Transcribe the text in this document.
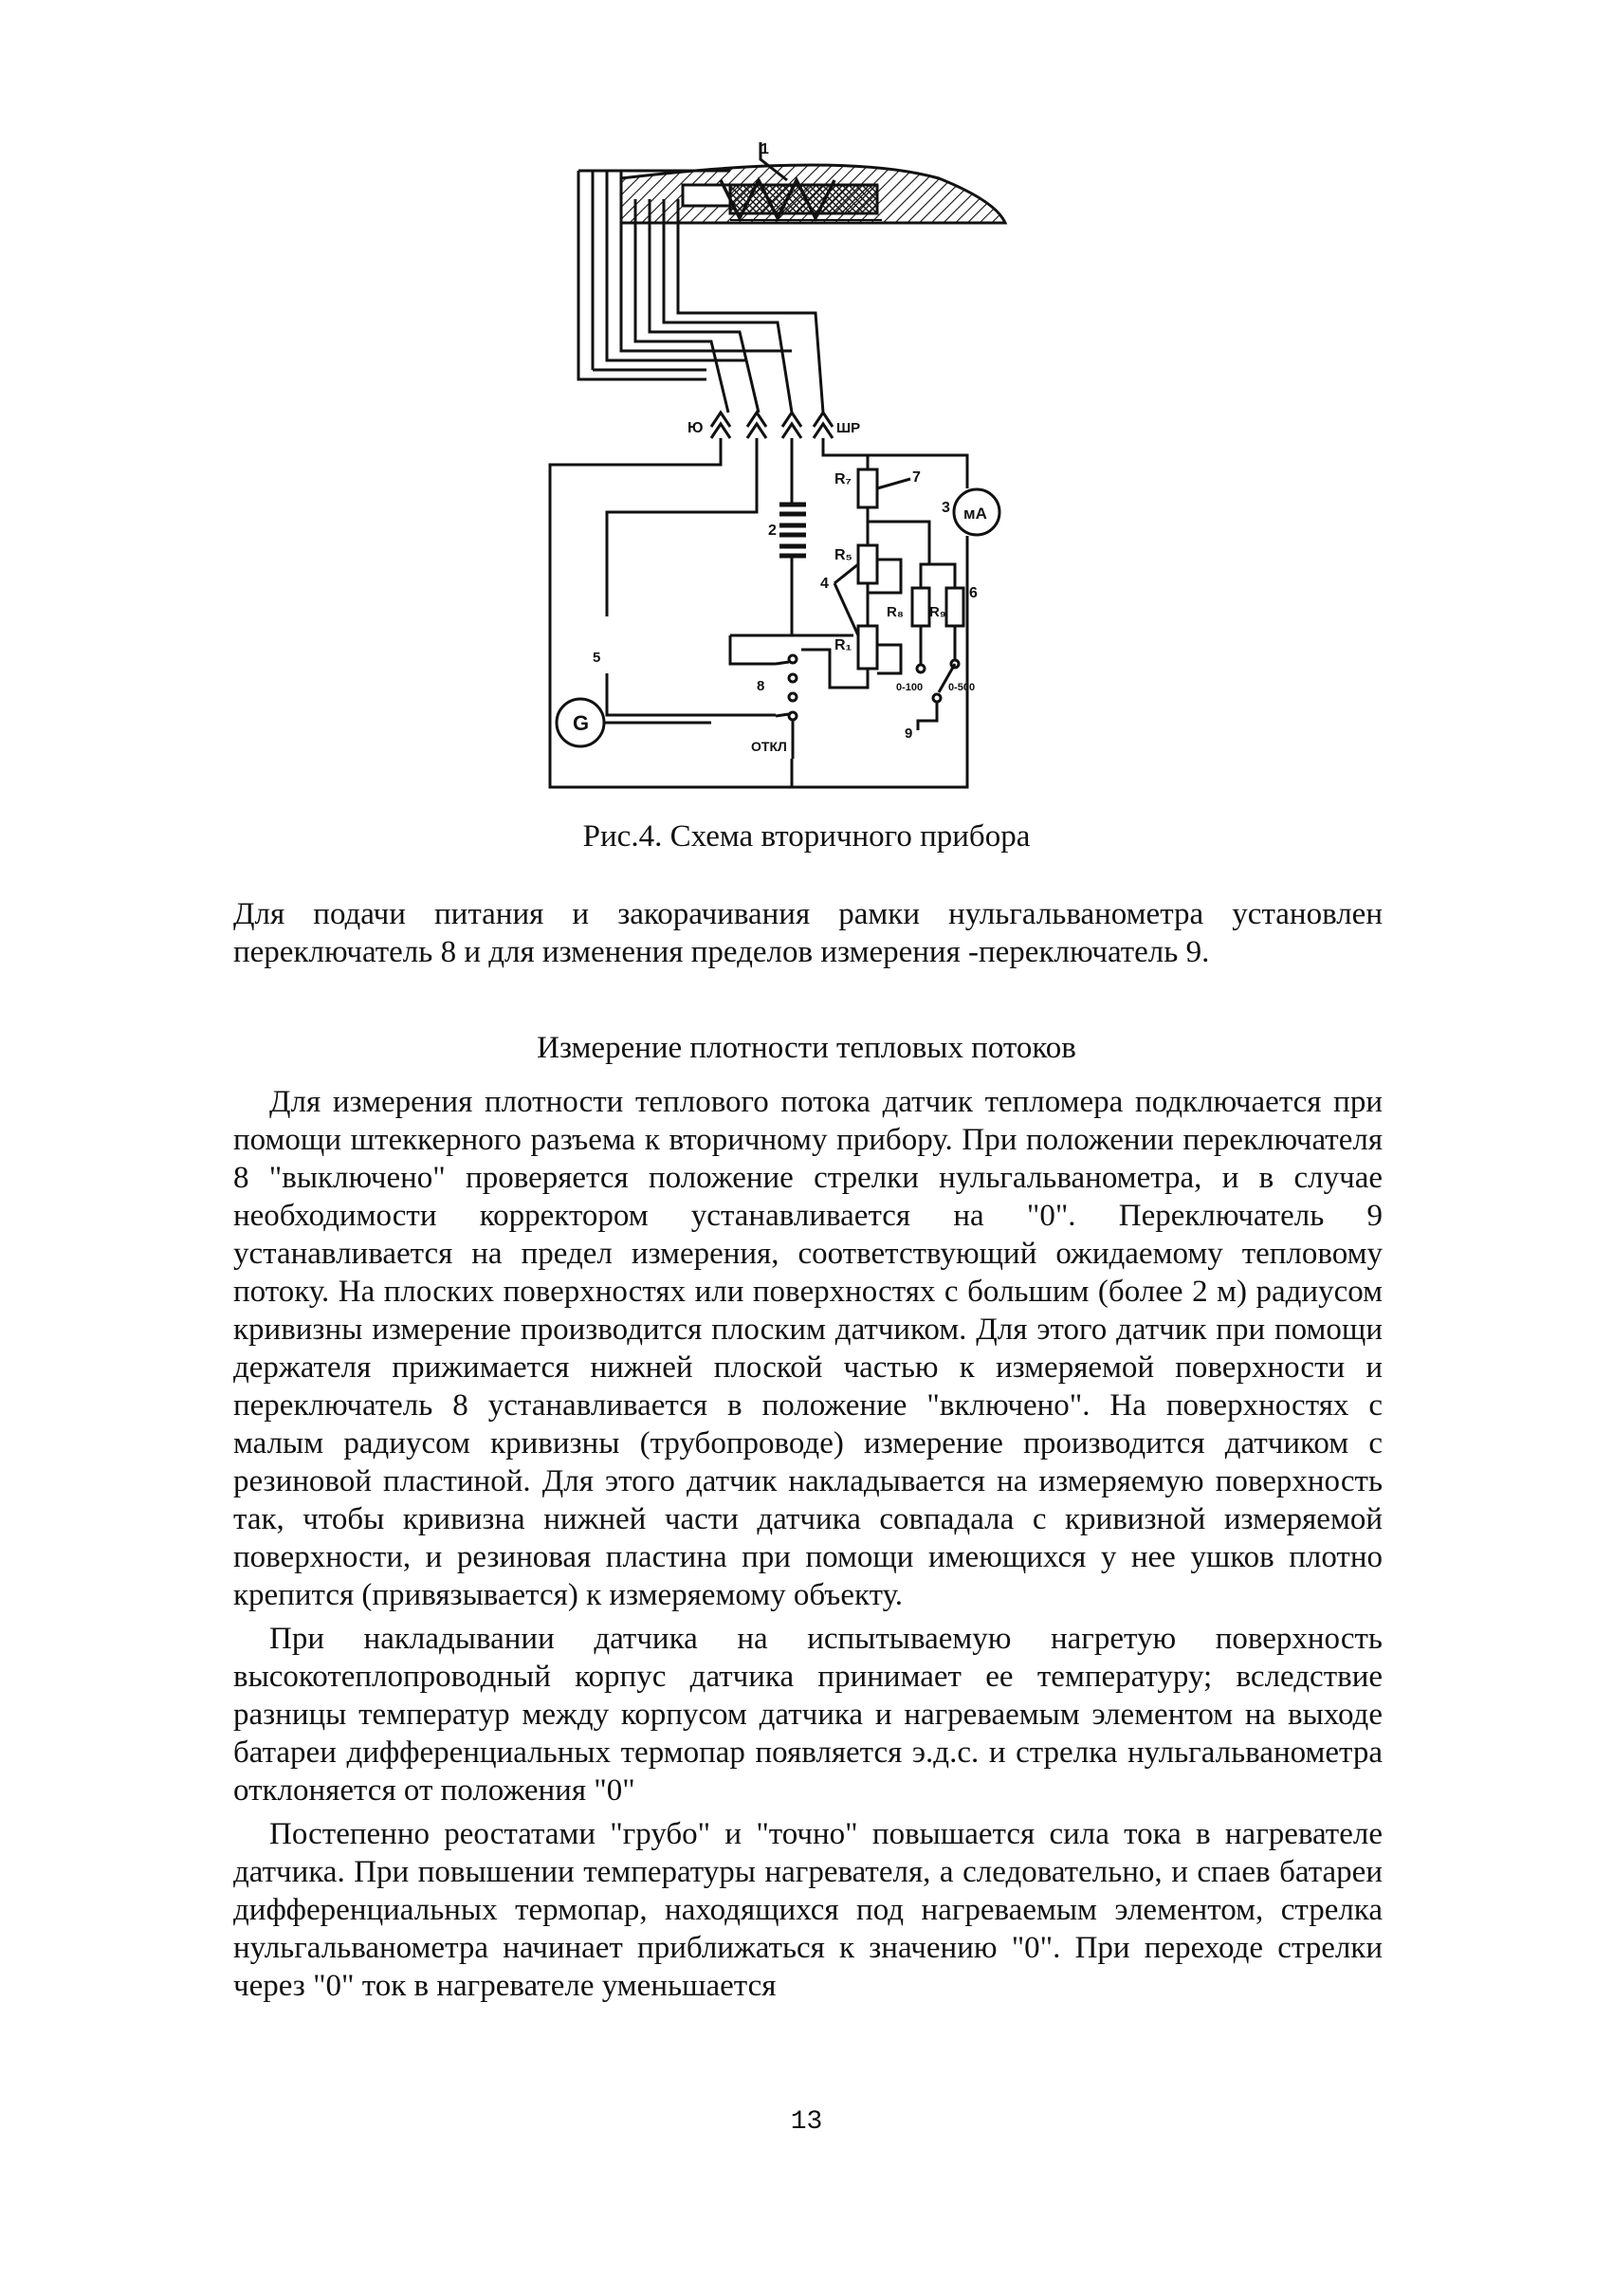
1
Ю	ШР
R₇	7
3 мА
2
R₅
4
R₈ R₉
6
R₁
5
G
8
ОТКЛ
0-100 0-500
9
Рис.4. Схема вторичного прибора
Для подачи питания и закорачивания рамки нульгальванометра установлен переключатель 8 и для изменения пределов измерения -переключатель 9.
Измерение плотности тепловых потоков

Для измерения плотности теплового потока датчик тепломера подключается при помощи штеккерного разъема к вторичному прибору. При положении переключателя 8 "выключено" проверяется положение стрелки нульгальванометра, и в случае необходимости корректором устанавливается на "0". Переключатель 9 устанавливается на предел измерения, соответствующий ожидаемому тепловому потоку. На плоских поверхностях или поверхностях с большим (более 2 м) радиусом кривизны измерение производится плоским датчиком. Для этого датчик при помощи держателя прижимается нижней плоской частью к измеряемой поверхности и переключатель 8 устанавливается в положение "включено". На поверхностях с малым радиусом кривизны (трубопроводе) измерение производится датчиком с резиновой пластиной. Для этого датчик накладывается на измеряемую поверхность так, чтобы кривизна нижней части датчика совпадала с кривизной измеряемой поверхности, и резиновая пластина при помощи имеющихся у нее ушков плотно крепится (привязывается) к измеряемому объекту.

При накладывании датчика на испытываемую нагретую поверхность высокотеплопроводный корпус датчика принимает ее температуру; вследствие разницы температур между корпусом датчика и нагреваемым элементом на выходе батареи дифференциальных термопар появляется э.д.с. и стрелка нульгальванометра отклоняется от положения "0"

Постепенно реостатами "грубо" и "точно" повышается сила тока в нагревателе датчика. При повышении температуры нагревателя, а следовательно, и спаев батареи дифференциальных термопар, находящихся под нагреваемым элементом, стрелка нульгальванометра начинает приближаться к значению "0". При переходе стрелки через "0" ток в нагревателе уменьшается

13
